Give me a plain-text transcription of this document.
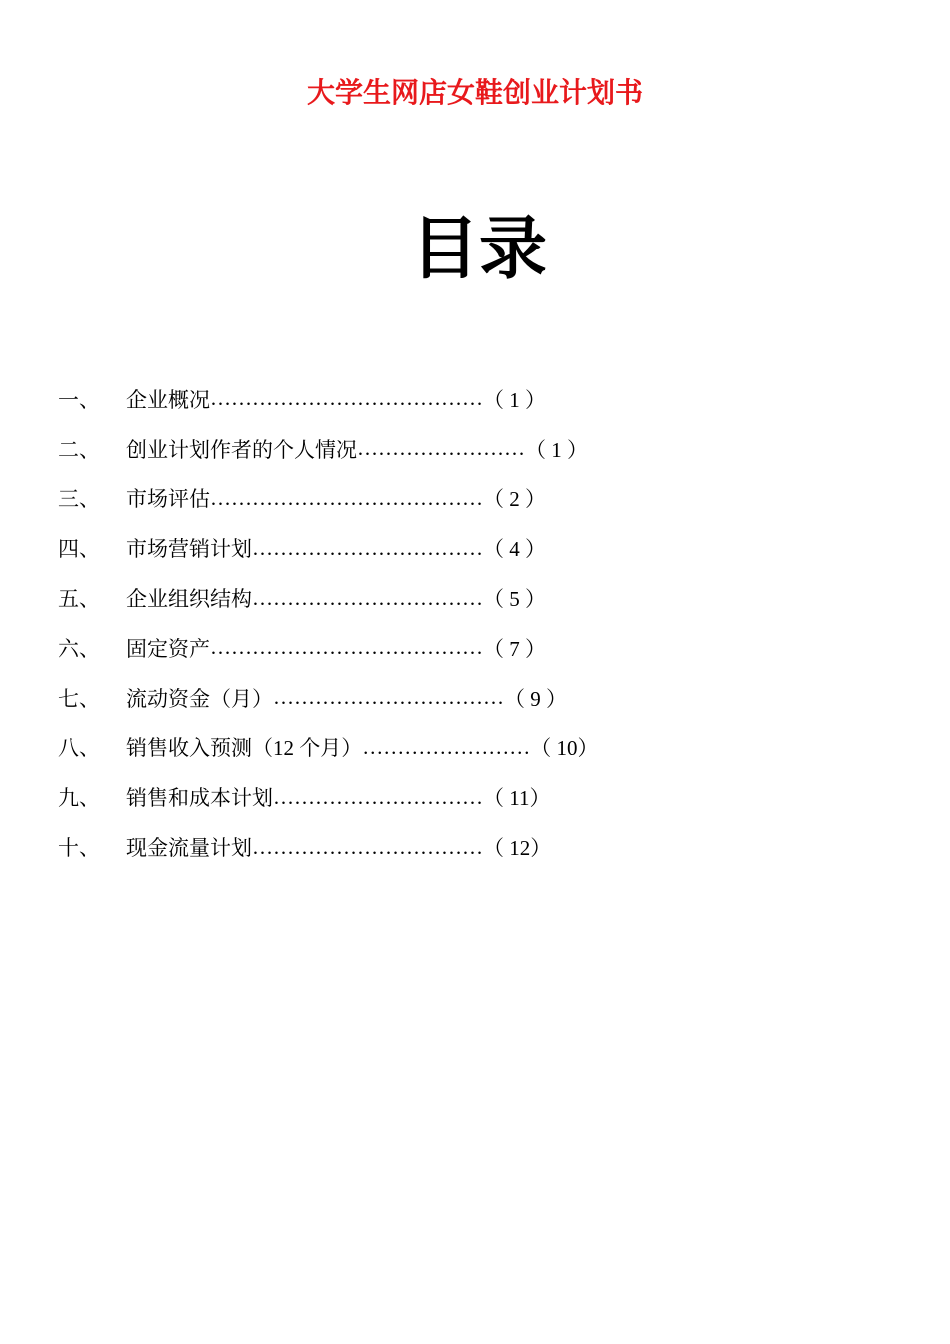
大学生网店女鞋创业计划书
目录
一、	企业概况 ………………………………… （ 1 ）
二、	创业计划作者的个人情况 …………………… （ 1 ）
三、	市场评估 ………………………………… （ 2 ）
四、	市场营销计划 …………………………… （ 4 ）
五、	企业组织结构 …………………………… （ 5 ）
六、	固定资产 ………………………………… （ 7 ）
七、	流动资金（月） …………………………… （ 9 ）
八、	销售收入预测（12 个月） …………………… （ 10）
九、	销售和成本计划 ………………………… （ 11）
十、	现金流量计划 …………………………… （ 12）
